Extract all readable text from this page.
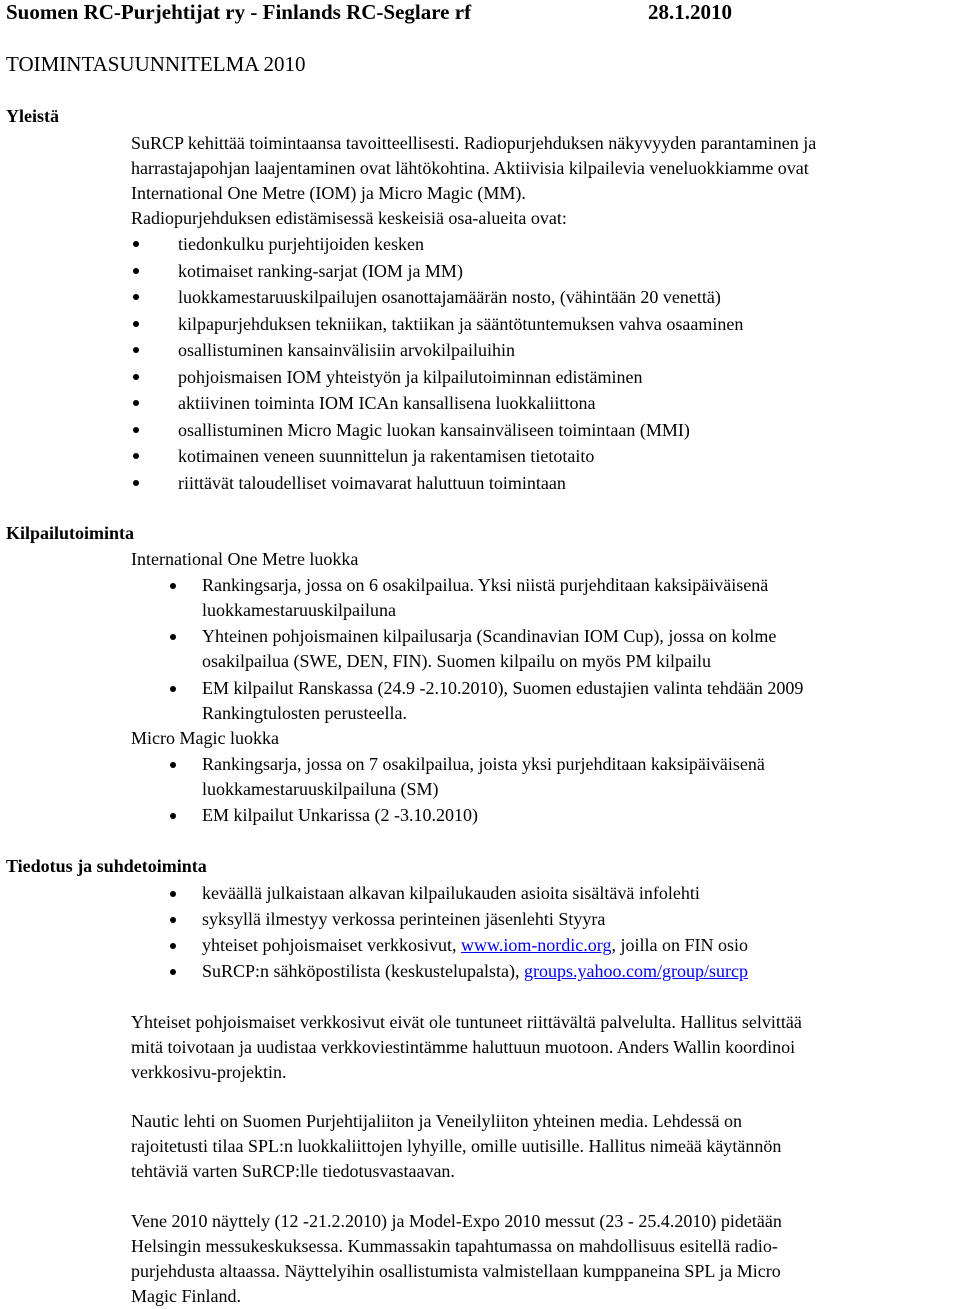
Suomen RC-Purjehtijat ry - Finlands RC-Seglare rf	28.1.2010
TOIMINTASUUNNITELMA 2010
Yleistä
SuRCP kehittää toimintaansa tavoitteellisesti. Radiopurjehduksen näkyvyyden parantaminen ja
harrastajapohjan laajentaminen ovat lähtökohtina. Aktiivisia kilpailevia veneluokkiamme ovat
International One Metre (IOM) ja Micro Magic (MM).
Radiopurjehduksen edistämisessä keskeisiä osa-alueita ovat:
tiedonkulku purjehtijoiden kesken
kotimaiset ranking-sarjat (IOM ja MM)
luokkamestaruuskilpailujen osanottajamäärän nosto, (vähintään 20 venettä)
kilpapurjehduksen tekniikan, taktiikan ja sääntötuntemuksen vahva osaaminen
osallistuminen kansainvälisiin arvokilpailuihin
pohjoismaisen IOM yhteistyön ja kilpailutoiminnan edistäminen
aktiivinen toiminta IOM ICAn kansallisena luokkaliittona
osallistuminen Micro Magic luokan kansainväliseen toimintaan (MMI)
kotimainen veneen suunnittelun ja rakentamisen tietotaito
riittävät taloudelliset voimavarat haluttuun toimintaan
Kilpailutoiminta
International One Metre luokka
Rankingsarja, jossa on 6 osakilpailua. Yksi niistä purjehditaan kaksipäiväisenä
luokkamestaruuskilpailuna
Yhteinen pohjoismainen kilpailusarja (Scandinavian IOM Cup), jossa on kolme
osakilpailua (SWE, DEN, FIN). Suomen kilpailu on myös PM kilpailu
EM kilpailut Ranskassa (24.9 -2.10.2010), Suomen edustajien valinta tehdään 2009
Rankingtulosten perusteella.
Micro Magic luokka
Rankingsarja, jossa on 7 osakilpailua, joista yksi purjehditaan kaksipäiväisenä
luokkamestaruuskilpailuna (SM)
EM kilpailut Unkarissa (2 -3.10.2010)
Tiedotus ja suhdetoiminta
keväällä julkaistaan alkavan kilpailukauden asioita sisältävä infolehti
syksyllä ilmestyy verkossa perinteinen jäsenlehti Styyra
yhteiset pohjoismaiset verkkosivut, www.iom-nordic.org, joilla on FIN osio
SuRCP:n sähköpostilista (keskustelupalsta), groups.yahoo.com/group/surcp
Yhteiset pohjoismaiset verkkosivut eivät ole tuntuneet riittävältä palvelulta. Hallitus selvittää
mitä toivotaan ja uudistaa verkkoviestintämme haluttuun muotoon. Anders Wallin koordinoi
verkkosivu-projektin.
Nautic lehti on Suomen Purjehtijaliiton ja Veneilyliiton yhteinen media. Lehdessä on
rajoitetusti tilaa SPL:n luokkaliittojen lyhyille, omille uutisille. Hallitus nimeää käytännön
tehtäviä varten SuRCP:lle tiedotusvastaavan.
Vene 2010 näyttely (12 -21.2.2010) ja Model-Expo 2010 messut (23 - 25.4.2010) pidetään
Helsingin messukeskuksessa. Kummassakin tapahtumassa on mahdollisuus esitellä radio-
purjehdusta altaassa. Näyttelyihin osallistumista valmistellaan kumppaneina SPL ja Micro
Magic Finland.
